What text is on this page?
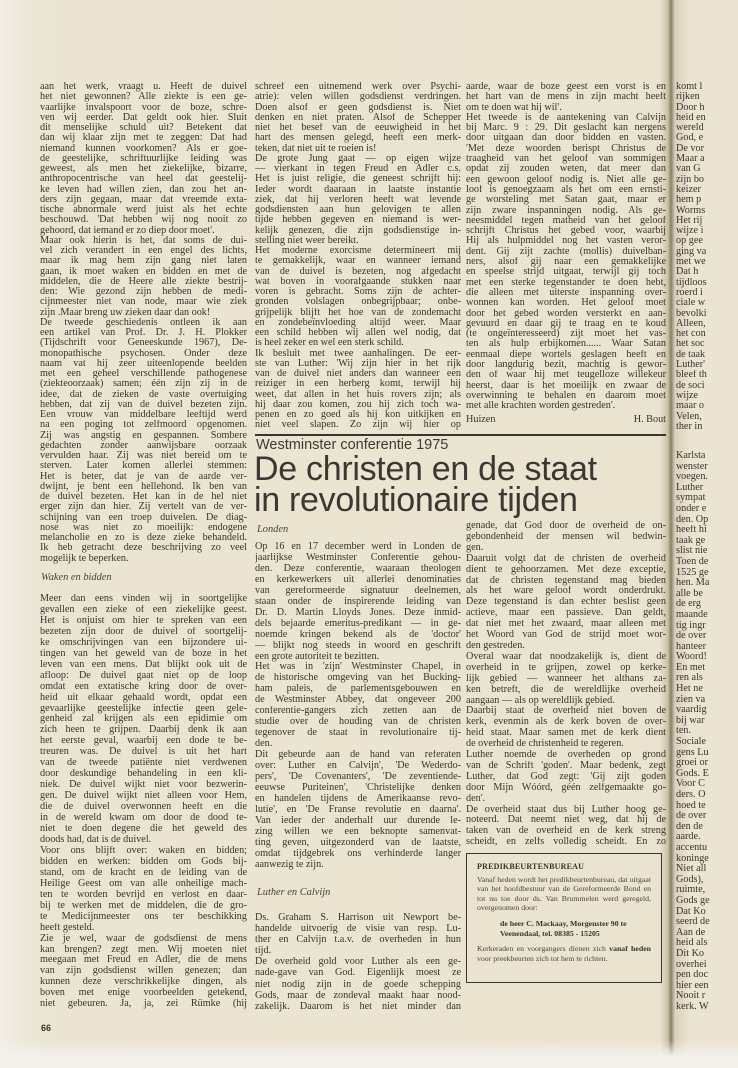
aan het werk, vraagt u. Heeft de duivel
het niet gewonnen? Alle ziekte is een ge-
vaarlijke invalspoort voor de boze, schre-
ven wij eerder. Dat geldt ook hier. Sluit
dit menselijke schuld uit? Betekent dat
dan wij klaar zijn met te zeggen: Dat had
niemand kunnen voorkomen? Als er goe-
de geestelijke, schriftuurlijke leiding was
geweest, als men het ziekelijke, bizarre,
anthropocentrische van heel dat geestelij-
ke leven had willen zien, dan zou het an-
ders zijn gegaan, maar dat vreemde exta-
tische abnormale werd juist als het echte
beschouwd. 'Dat hebben wij nog nooit zo
gehoord, dat iemand er zo diep door moet'.
Maar ook hierin is het, dat soms de dui-
vel zich verandert in een engel des lichts,
maar ik mag hem zijn gang niet laten
gaan, ik moet waken en bidden en met de
middelen, die de Heere alle ziekte bestrij-
den: Wie gezond zijn hebben de medi-
cijnmeester niet van node, maar wie ziek
zijn .Maar breng uw zieken daar dan ook!
De tweede geschiedenis ontleen ik aan
een artikel van Prof. Dr. J. H. Plokker
(Tijdschrift voor Geneeskunde 1967), De-
monopathische psychosen. Onder deze
naam vat hij zeer uiteenlopende beelden
met een geheel verschillende pathogenese
(ziekteoorzaak) samen; één zijn zij in de
idee, dat de zieken de vaste overtuiging
hebben, dat zij van de duivel bezeten zijn.
Een vrouw van middelbare leeftijd werd
na een poging tot zelfmoord opgenomen.
Zij was angstig en gespannen. Sombere
gedachten zonder aanwijsbare oorzaak
vervulden haar. Zij was niet bereid om te
sterven. Later komen allerlei stemmen:
Het is beter, dat je van de aarde ver-
dwijnt, je bent een hellehond. Ik ben van
de duivel bezeten. Het kan in de hel niet
erger zijn dan hier. Zij vertelt van de ver-
schijning van een troep duivelen. De diag-
nose was niet zo moeilijk: endogene
melancholie en zo is deze zieke behandeld.
Ik heb getracht deze beschrijving zo veel
mogelijk te beperken.
Waken en bidden
Meer dan eens vinden wij in soortgelijke
gevallen een zieke of een ziekelijke geest.
Het is onjuist om hier te spreken van een
bezeten zijn door de duivel of soortgelij-
ke omschrijvingen van een bijzondere ui-
tingen van het geweld van de boze in het
leven van een mens. Dat blijkt ook uit de
afloop: De duivel gaat niet op de loop
omdat een extatische kring door de over-
heid uit elkaar gehaald wordt, opdat een
gevaarlijke geestelijke infectie geen gele-
genheid zal krijgen als een epidimie om
zich heen te grijpen. Daarbij denk ik aan
het eerste geval, waarbij een dode te be-
treuren was. De duivel is uit het hart
van de tweede patiënte niet verdwenen
door deskundige behandeling in een kli-
niek. De duivel wijkt niet voor bezwerin-
gen. De duivel wijkt niet alleen voor Hem,
die de duivel overwonnen heeft en die
in de wereld kwam om door de dood te-
niet te doen degene die het geweld des
doods had, dat is de duivel.
Voor ons blijft over: waken en bidden;
bidden en werken: bidden om Gods bij-
stand, om de kracht en de leiding van de
Heilige Geest om van alle onheilige mach-
ten te worden bevrijd en verlost en daar-
bij te werken met de middelen, die de gro-
te Medicijnmeester ons ter beschikking
heeft gesteld.
Zie je wel, waar de godsdienst de mens
kan brengen? zegt men. Wij moeten niet
meegaan met Freud en Adler, die de mens
van zijn godsdienst willen genezen; dan
kunnen deze verschrikkelijke dingen, als
boven met enige voorbeelden getekend,
niet gebeuren. Ja, ja, zei Rümke (hij
66
schreef een uitnemend werk over Psychi-
atrie): velen willen godsdienst verdringen.
Doen alsof er geen godsdienst is. Niet
denken en niet praten. Alsof de Schepper
niet het besef van de eeuwigheid in het
hart des mensen gelegd, heeft een merk-
teken, dat niet uit te roeien is!
De grote Jung gaat — op eigen wijze
— vierkant in tegen Freud en Adler c.s.
Het is juist religie, die geneest schrijft hij:
Ieder wordt daaraan in laatste instantie
ziek, dat hij verloren heeft wat levende
godsdiensten aan hun gelovigen te allen
tijde hebben gegeven en niemand is wer-
kelijk genezen, die zijn godsdienstige in-
stelling niet weer bereikt.
Het moderne exorcisme determineert mij
te gemakkelijk, waar en wanneer iemand
van de duivel is bezeten, nog afgedacht
wat boven in voorafgaande stukken naar
voren is gebracht. Soms zijn de achter-
gronden volslagen onbegrijpbaar; onbe-
grijpelijk blijft het hoe van de zondemacht
en zondebeïnvloeding altijd weer. Maar
een schild hebben wij allen wel nodig, dat
is heel zeker en wel een sterk schild.
Ik besluit met twee aanhalingen. De eer-
ste van Luther: 'Wij zijn hier in het rijk
van de duivel niet anders dan wanneer een
reiziger in een herberg komt, terwijl hij
weet, dat allen in het huis rovers zijn; als
hij daar zou komen, zou hij zich toch wa-
penen en zo goed als hij kon uitkijken en
niet veel slapen. Zo zijn wij hier op
aarde, waar de boze geest een vorst is en
het hart van de mens in zijn macht heeft
om te doen wat hij wil'.
Het tweede is de aantekening van Calvijn
bij Marc. 9 : 29. Dit geslacht kan nergens
door uitgaan dan door bidden en vasten.
'Met deze woorden berispt Christus de
traagheid van het geloof van sommigen
opdat zij zouden weten, dat meer dan
een gewoon geloof nodig is. Niet alle ge-
loof is genoegzaam als het om een ernsti-
ge worsteling met Satan gaat, maar er
zijn zware inspanningen nodig. Als ge-
neesmiddel tegen matheid van het geloof
schrijft Christus het gebed voor, waarbij
Hij als hulpmiddel nog het vasten veror-
dent. Gij zijt zachte (mollis) duivelban-
ners, alsof gij naar een gemakkelijke
en speelse strijd uitgaat, terwijl gij toch
met een sterke tegenstander te doen hebt,
die alleen met uiterste inspanning over-
wonnen kan worden. Het geloof moet
door het gebed worden versterkt en aan-
gevuurd en daar gij te traag en te koud
(te ongeïnteresseerd) zijt moet het vas-
ten als hulp erbijkomen...... Waar Satan
eenmaal diepe wortels geslagen heeft en
door langdurig bezit, machtig is gewor-
den of waar hij met teugelloze willekeur
heerst, daar is het moeilijk en zwaar de
overwinning te behalen en daarom moet
met alle krachten worden gestreden'.
Huizen	H. Bout
Westminster conferentie 1975
De christen en de staat
in revolutionaire tijden
Londen
Op 16 en 17 december werd in Londen de
jaarlijkse Westminster Conferentie gehou-
den. Deze conferentie, waaraan theologen
en kerkewerkers uit allerlei denominaties
van gereformeerde signatuur deelnemen,
staan onder de inspirerende leiding van
Dr. D. Martin Lloyds Jones. Deze inmid-
dels bejaarde emeritus-predikant — in ge-
noemde kringen bekend als de 'doctor'
— blijkt nog steeds in woord en geschrift
een grote autoriteit te bezitten.
Het was in 'zijn' Westminster Chapel, in
de historische omgeving van het Bucking-
ham paleis, de parlementsgebouwen en
de Westminster Abbey, dat ongeveer 200
conferentie-gangers zich zetten aan de
studie over de houding van de christen
tegenover de staat in revolutionaire tij-
den.
Dit gebeurde aan de hand van referaten
over: Luther en Calvijn', 'De Wederdo-
pers', 'De Covenanters', 'De zeventiende-
eeuwse Puriteinen', 'Christelijke denken
en handelen tijdens de Amerikaanse revo-
lutie', en 'De Franse revolutie en daarna'.
Van ieder der anderhalf uur durende le-
zing willen we een beknopte samenvat-
ting geven, uitgezonderd van de laatste,
omdat tijdgebrek ons verhinderde langer
aanwezig te zijn.
Luther en Calvijn
Ds. Graham S. Harrison uit Newport be-
handelde uitvoerig de visie van resp. Lu-
ther en Calvijn t.a.v. de overheden in hun
tijd.
De overheid gold voor Luther als een ge-
nade-gave van God. Eigenlijk moest ze
niet nodig zijn in de goede schepping
Gods, maar de zondeval maakt haar nood-
zakelijk. Daarom is het niet minder dan
genade, dat God door de overheid de on-
gebondenheid der mensen wil bedwin-
gen.
Daaruit volgt dat de christen de overheid
dient te gehoorzamen. Met deze exceptie,
dat de christen tegenstand mag bieden
als het ware geloof wordt onderdrukt.
Deze tegenstand is dan echter beslist geen
actieve, maar een passieve. Dan geldt,
dat niet met het zwaard, maar alleen met
het Woord van God de strijd moet wor-
den gestreden.
Overal waar dat noodzakelijk is, dient de
overheid in te grijpen, zowel op kerke-
lijk gebied — wanneer het althans za-
ken betreft, die de wereldlijke overheid
aangaan — als op wereldlijk gebied.
Daarbij staat de overheid niet boven de
kerk, evenmin als de kerk boven de over-
heid staat. Maar samen met de kerk dient
de overheid de christenheid te regeren.
Luther noemde de overheden op grond
van de Schrift 'goden'. Maar bedenk, zegt
Luther, dat God zegt: 'Gij zijt goden
door Mijn Wóórd, géén zelfgemaakte go-
den'.
De overheid staat dus bij Luther hoog ge-
noteerd. Dat neemt niet weg, dat hij de
taken van de overheid en de kerk streng
scheidt, en zelfs volledig scheidt. En zo
PREDIKBEURTENBUREAU
Vanaf heden wordt het predikbeurtenbureau, dat uitgaat van het hoofdbestuur van de Gereformeerde Bond en tot nu toe door ds. Van Brummelen werd geregeld, overgenomen door:
de heer C. Mackaay, Morgenster 90 te
Veenendaal, tel. 08385 - 15205
Kerkeraden en voorgangers dienen zich vanaf heden voor preekbeurten zich tot hem te richten.
komt l
rijken
Door h
heid en
wereld
God, e
De vor
Maar a
van G
zijn bo
keizer
hem p
Worms
Het rij
wijze i
op gee
ging va
met we
Dat h
tijdloos
roerd i
ciale w
bevolki
Alleen,
het con
het soc
de taak
Luther'
bleef th
de soci
wijze
maar o
Velen,
ther in
Karlsta
wenster
voegen.
Luther
sympat
onder e
den. Op
heeft hi
taak ge
slist nie
Toen de
1525 ge
hen. Ma
alle be
de erg
maande
tig ingr
de over
hanteer
Woord!
En met
ren als
Het ne
zien va
vaardig
bij war
ten.
Sociale
gens Lu
groei or
Gods. E
Voor C
ders. O
hoed te
de over
den de
aarde.
accentu
koninge
Niet all
Gods),
ruimte,
Gods ge
Dat Ko
seerd de
Aan de
heid als
Dit Ko
overhei
pen doc
hier een
Nooit r
kerk. W
